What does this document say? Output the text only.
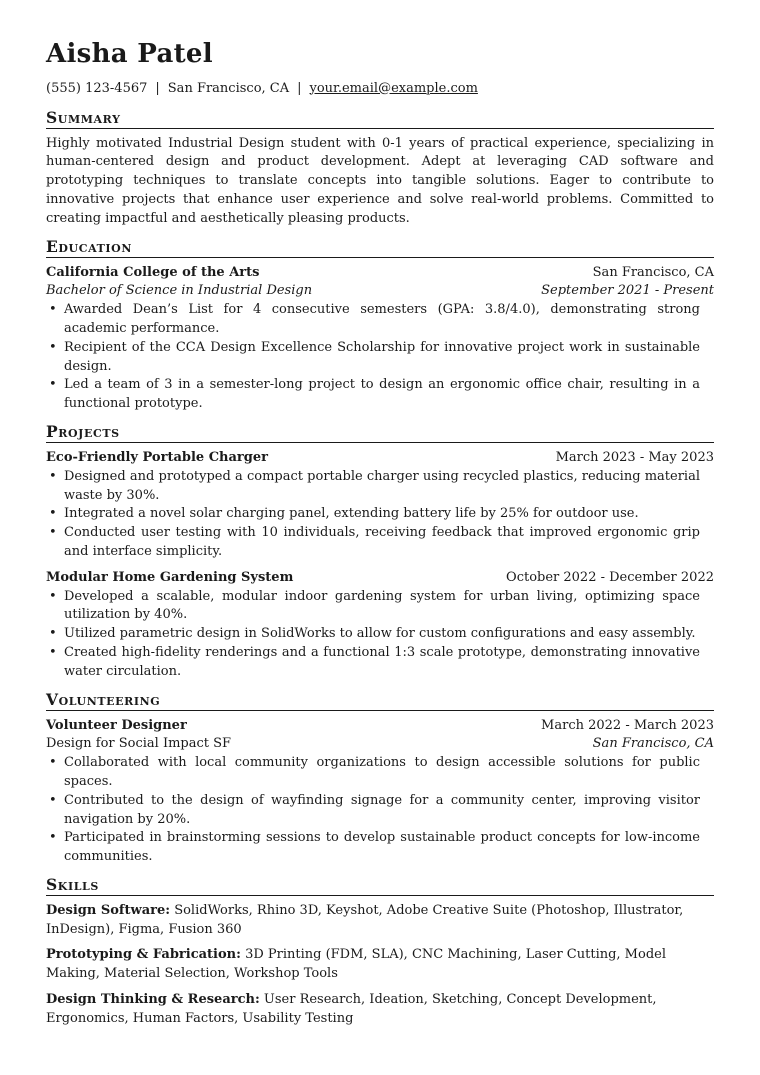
Aisha Patel
(555) 123-4567 | San Francisco, CA | your.email@example.com
Summary
Highly motivated Industrial Design student with 0-1 years of practical experience, specializing in human-centered design and product development. Adept at leveraging CAD software and prototyping techniques to translate concepts into tangible solutions. Eager to contribute to innovative projects that enhance user experience and solve real-world problems. Committed to creating impactful and aesthetically pleasing products.
Education
California College of the Arts	San Francisco, CA
Bachelor of Science in Industrial Design	September 2021 - Present
• Awarded Dean’s List for 4 consecutive semesters (GPA: 3.8/4.0), demonstrating strong academic performance.
• Recipient of the CCA Design Excellence Scholarship for innovative project work in sustainable design.
• Led a team of 3 in a semester-long project to design an ergonomic office chair, resulting in a functional prototype.
Projects
Eco-Friendly Portable Charger	March 2023 - May 2023
• Designed and prototyped a compact portable charger using recycled plastics, reducing material waste by 30%.
• Integrated a novel solar charging panel, extending battery life by 25% for outdoor use.
• Conducted user testing with 10 individuals, receiving feedback that improved ergonomic grip and interface simplicity.
Modular Home Gardening System	October 2022 - December 2022
• Developed a scalable, modular indoor gardening system for urban living, optimizing space utilization by 40%.
• Utilized parametric design in SolidWorks to allow for custom configurations and easy assembly.
• Created high-fidelity renderings and a functional 1:3 scale prototype, demonstrating innovative water circulation.
Volunteering
Volunteer Designer	March 2022 - March 2023
Design for Social Impact SF	San Francisco, CA
• Collaborated with local community organizations to design accessible solutions for public spaces.
• Contributed to the design of wayfinding signage for a community center, improving visitor navigation by 20%.
• Participated in brainstorming sessions to develop sustainable product concepts for low-income communities.
Skills
Design Software: SolidWorks, Rhino 3D, Keyshot, Adobe Creative Suite (Photoshop, Illustrator, InDesign), Figma, Fusion 360
Prototyping & Fabrication: 3D Printing (FDM, SLA), CNC Machining, Laser Cutting, Model Making, Material Selection, Workshop Tools
Design Thinking & Research: User Research, Ideation, Sketching, Concept Development, Ergonomics, Human Factors, Usability Testing
